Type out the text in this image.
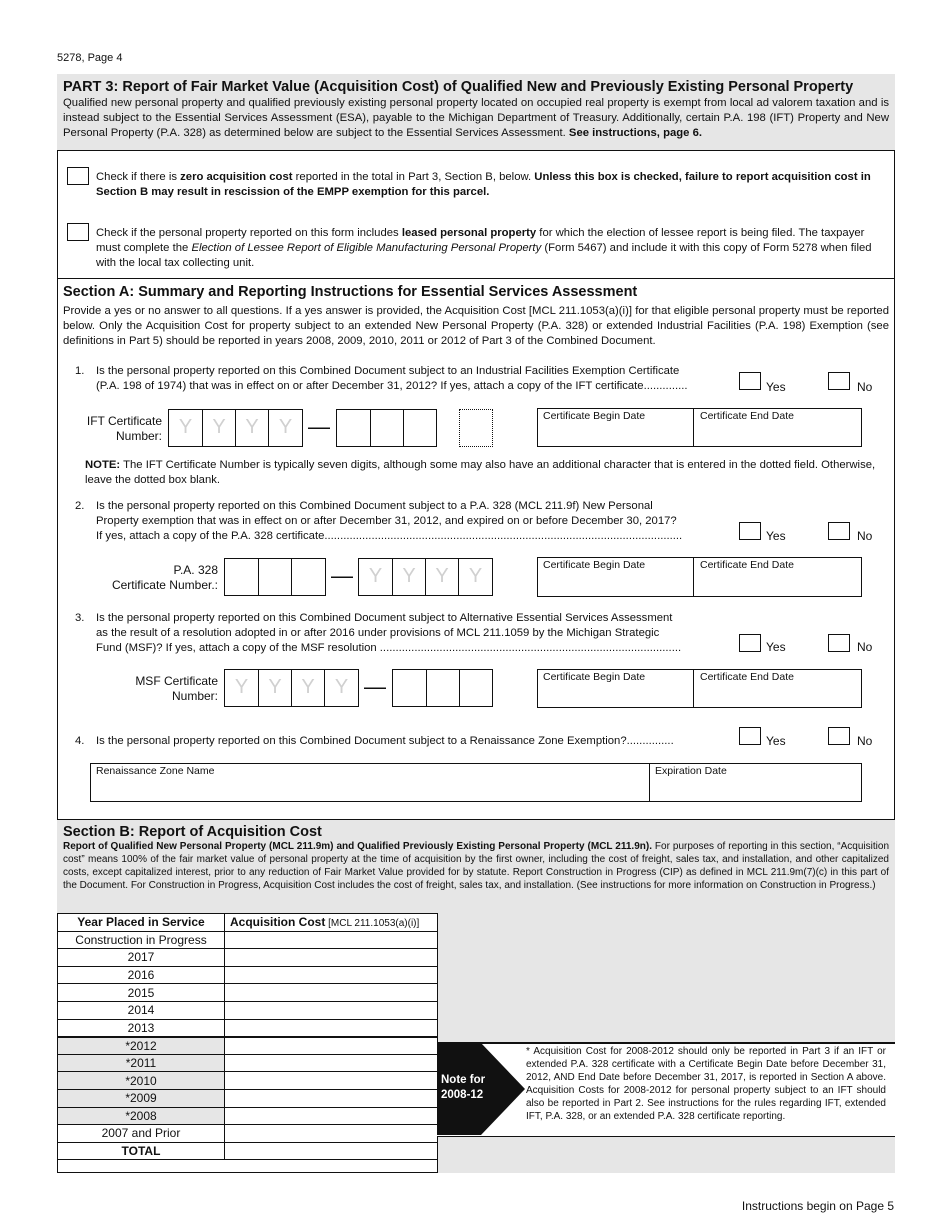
5278, Page 4
PART 3: Report of Fair Market Value (Acquisition Cost) of Qualified New and Previously Existing Personal Property
Qualified new personal property and qualified previously existing personal property located on occupied real property is exempt from local ad valorem taxation and is instead subject to the Essential Services Assessment (ESA), payable to the Michigan Department of Treasury. Additionally, certain P.A. 198 (IFT) Property and New Personal Property (P.A. 328) as determined below are subject to the Essential Services Assessment. See instructions, page 6.
Check if there is zero acquisition cost reported in the total in Part 3, Section B, below. Unless this box is checked, failure to report acquisition cost in Section B may result in rescission of the EMPP exemption for this parcel.
Check if the personal property reported on this form includes leased personal property for which the election of lessee report is being filed. The taxpayer must complete the Election of Lessee Report of Eligible Manufacturing Personal Property (Form 5467) and include it with this copy of Form 5278 when filed with the local tax collecting unit.
Section A: Summary and Reporting Instructions for Essential Services Assessment
Provide a yes or no answer to all questions. If a yes answer is provided, the Acquisition Cost [MCL 211.1053(a)(i)] for that eligible personal property must be reported below. Only the Acquisition Cost for property subject to an extended New Personal Property (P.A. 328) or extended Industrial Facilities (P.A. 198) Exemption (see definitions in Part 5) should be reported in years 2008, 2009, 2010, 2011 or 2012 of Part 3 of the Combined Document.
1. Is the personal property reported on this Combined Document subject to an Industrial Facilities Exemption Certificate
(P.A. 198 of 1974) that was in effect on or after December 31, 2012? If yes, attach a copy of the IFT certificate..............	Yes	No
IFT Certificate
Number: Y	Y Y	Y —	Certificate Begin Date	Certificate End Date
NOTE: The IFT Certificate Number is typically seven digits, although some may also have an additional character that is entered in the dotted field. Otherwise, leave the dotted box blank.
2. Is the personal property reported on this Combined Document subject to a P.A. 328 (MCL 211.9f) New Personal
Property exemption that was in effect on or after December 31, 2012, and expired on or before December 30, 2017?
If yes, attach a copy of the P.A. 328 certificate..................................................................................................................	Yes	No
P.A. 328
Certificate Number.:	— Y	Y Y	Y	Certificate Begin Date	Certificate End Date
3. Is the personal property reported on this Combined Document subject to Alternative Essential Services Assessment
as the result of a resolution adopted in or after 2016 under provisions of MCL 211.1059 by the Michigan Strategic
Fund (MSF)? If yes, attach a copy of the MSF resolution ................................................................................................	Yes	No
MSF Certificate
Number: Y	Y Y	Y —	Certificate Begin Date	Certificate End Date
4. Is the personal property reported on this Combined Document subject to a Renaissance Zone Exemption?...............	Yes	No
Renaissance Zone Name	Expiration Date
Section B: Report of Acquisition Cost
Report of Qualified New Personal Property (MCL 211.9m) and Qualified Previously Existing Personal Property (MCL 211.9n). For purposes of reporting in this section, “Acquisition cost” means 100% of the fair market value of personal property at the time of acquisition by the first owner, including the cost of freight, sales tax, and installation, and other capitalized costs, except capitalized interest, prior to any reduction of Fair Market Value provided for by statute. Report Construction in Progress (CIP) as defined in MCL 211.9m(7)(c) in this part of the Document. For Construction in Progress, Acquisition Cost includes the cost of freight, sales tax, and installation. (See instructions for more information on Construction in Progress.)
Year Placed in Service	Acquisition Cost [MCL 211.1053(a)(i)]
Construction in Progress	
2017	
2016	
2015	
2014	
2013	
*2012	
*2011	
*2010	
*2009	
*2008	
2007 and Prior	
TOTAL	
Note for
2008-12
* Acquisition Cost for 2008-2012 should only be reported in Part 3 if an IFT or extended P.A. 328 certificate with a Certificate Begin Date before December 31, 2012, AND End Date before December 31, 2017, is reported in Section A above. Acquisition Costs for 2008-2012 for personal property subject to an IFT should also be reported in Part 2. See instructions for the rules regarding IFT, extended IFT, P.A. 328, or an extended P.A. 328 certificate reporting.
Instructions begin on Page 5
